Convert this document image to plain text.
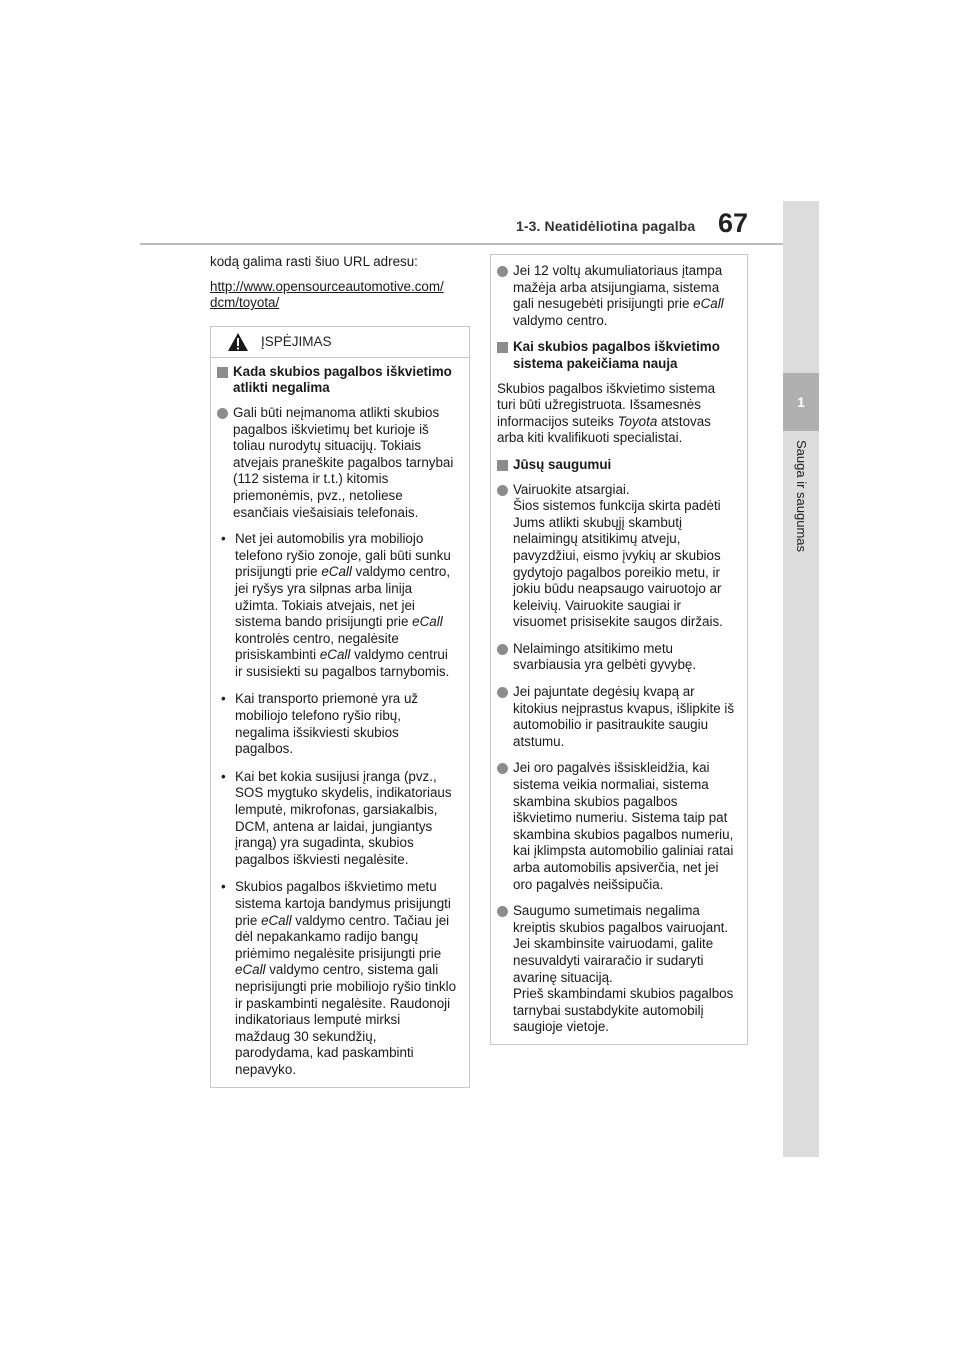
1-3. Neatidėliotina pagalba 67
1
Sauga ir saugumas

kodą galima rasti šiuo URL adresu:

http://www.opensourceautomotive.com/
dcm/toyota/
ĮSPĖJIMAS
Kada skubios pagalbos iškvietimo atlikti negalima
Gali būti neįmanoma atlikti skubios pagalbos iškvietimų bet kurioje iš toliau nurodytų situacijų. Tokiais atvejais praneškite pagalbos tarnybai (112 sistema ir t.t.) kitomis priemonėmis, pvz., netoliese esančiais viešaisiais telefonais.
• Net jei automobilis yra mobiliojo telefono ryšio zonoje, gali būti sunku prisijungti prie eCall valdymo centro, jei ryšys yra silpnas arba linija užimta. Tokiais atvejais, net jei sistema bando prisijungti prie eCall kontrolės centro, negalėsite prisiskambinti eCall valdymo centrui ir susisiekti su pagalbos tarnybomis.
• Kai transporto priemonė yra už mobiliojo telefono ryšio ribų, negalima išsikviesti skubios pagalbos.
• Kai bet kokia susijusi įranga (pvz., SOS mygtuko skydelis, indikatoriaus lemputė, mikrofonas, garsiakalbis, DCM, antena ar laidai, jungiantys įrangą) yra sugadinta, skubios pagalbos iškviesti negalėsite.
• Skubios pagalbos iškvietimo metu sistema kartoja bandymus prisijungti prie eCall valdymo centro. Tačiau jei dėl nepakankamo radijo bangų priėmimo negalėsite prisijungti prie eCall valdymo centro, sistema gali neprisijungti prie mobiliojo ryšio tinklo ir paskambinti negalėsite. Raudonoji indikatoriaus lemputė mirksi maždaug 30 sekundžių, parodydama, kad paskambinti nepavyko.
Jei 12 voltų akumuliatoriaus įtampa mažėja arba atsijungiama, sistema gali nesugebėti prisijungti prie eCall valdymo centro.
Kai skubios pagalbos iškvietimo sistema pakeičiama nauja

Skubios pagalbos iškvietimo sistema turi būti užregistruota. Išsamesnės informacijos suteiks Toyota atstovas arba kiti kvalifikuoti specialistai.

Jūsų saugumui
Vairuokite atsargiai.
Šios sistemos funkcija skirta padėti Jums atlikti skubųjį skambutį nelaimingų atsitikimų atveju, pavyzdžiui, eismo įvykių ar skubios gydytojo pagalbos poreikio metu, ir jokiu būdu neapsaugo vairuotojo ar keleivių. Vairuokite saugiai ir visuomet prisisekite saugos diržais.
Nelaimingo atsitikimo metu svarbiausia yra gelbėti gyvybę.
Jei pajuntate degėsių kvapą ar kitokius neįprastus kvapus, išlipkite iš automobilio ir pasitraukite saugiu atstumu.
Jei oro pagalvės išsiskleidžia, kai sistema veikia normaliai, sistema skambina skubios pagalbos iškvietimo numeriu. Sistema taip pat skambina skubios pagalbos numeriu, kai įklimpsta automobilio galiniai ratai arba automobilis apsiverčia, net jei oro pagalvės neišsipučia.
Saugumo sumetimais negalima kreiptis skubios pagalbos vairuojant.
Jei skambinsite vairuodami, galite nesuvaldyti vairaračio ir sudaryti avarinę situaciją.
Prieš skambindami skubios pagalbos tarnybai sustabdykite automobilį saugioje vietoje.
